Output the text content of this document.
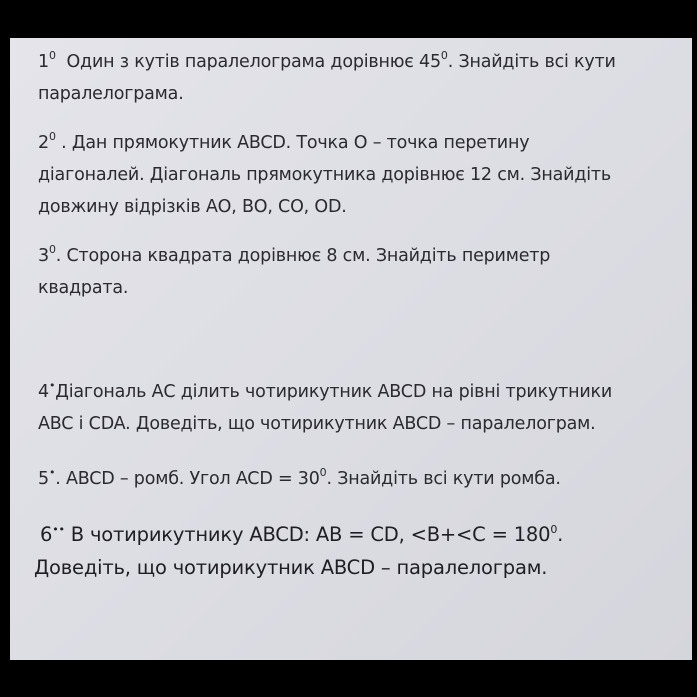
$1^0$ Один з кутів паралелограма дорівнює $45^0$. Знайдіть всі кути
паралелограма.
$2^0$ . Дан прямокутник ABCD. Точка О – точка перетину
діагоналей. Діагональ прямокутника дорівнює 12 см. Знайдіть
довжину відрізків АО, ВО, СО, OD.
$3^0$. Сторона квадрата дорівнює 8 см. Знайдіть периметр
квадрата.
4•Діагональ АС ділить чотирикутник ABCD на рівні трикутники
ABC і CDA. Доведіть, що чотирикутник ABCD – паралелограм.
5•. ABCD – ромб. Угол ACD = $30^0$. Знайдіть всі кути ромба.
6•• В чотирикутнику ABCD: AB = CD, $<B+<C = 180^0$.
Доведіть, що чотирикутник ABCD – паралелограм.
